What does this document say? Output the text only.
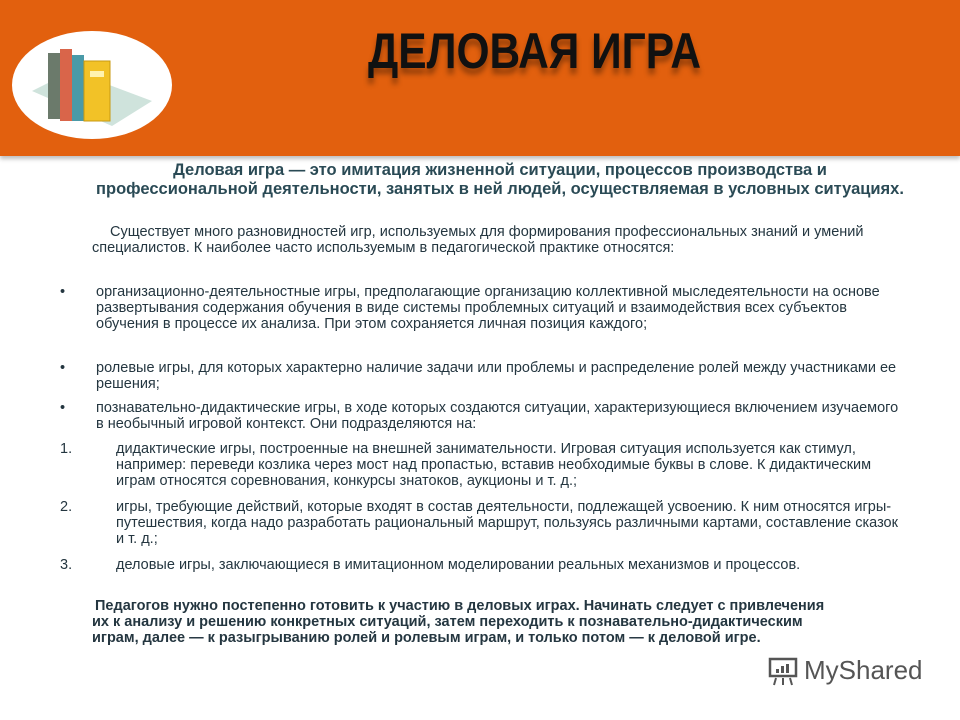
ДЕЛОВАЯ ИГРА
Деловая игра — это имитация жизненной ситуации, процессов производства и профессиональной деятельности, занятых в ней людей, осуществляемая в условных ситуациях.
Существует много разновидностей игр, используемых для формирования профессиональных знаний и умений специалистов. К наиболее часто используемым в педагогической практике относятся:
• организационно-деятельностные игры, предполагающие организацию коллективной мыследеятельности на основе развертывания содержания обучения в виде системы проблемных ситуаций и взаимодействия всех субъектов обучения в процессе их анализа. При этом сохраняется личная позиция каждого;
• ролевые игры, для которых характерно наличие задачи или проблемы и распределение ролей между участниками ее решения;
• познавательно-дидактические игры, в ходе которых создаются ситуации, характеризующиеся включением изучаемого в необычный игровой контекст. Они подразделяются на:
1.	дидактические игры, построенные на внешней занимательности. Игровая ситуация используется как стимул, например: переведи козлика через мост над пропастью, вставив необходимые буквы в слове. К дидактическим играм относятся соревнования, конкурсы знатоков, аукционы и т. д.;
2.	игры, требующие действий, которые входят в состав деятельности, подлежащей усвоению. К ним относятся игры-путешествия, когда надо разработать рациональный маршрут, пользуясь различными картами, составление сказок и т. д.;
3.	деловые игры, заключающиеся в имитационном моделировании реальных механизмов и процессов.
Педагогов нужно постепенно готовить к участию в деловых играх. Начинать следует с привлечения их к анализу и решению конкретных ситуаций, затем переходить к познавательно-дидактическим играм, далее — к разыгрыванию ролей и ролевым играм, и только потом — к деловой игре.
MyShared
